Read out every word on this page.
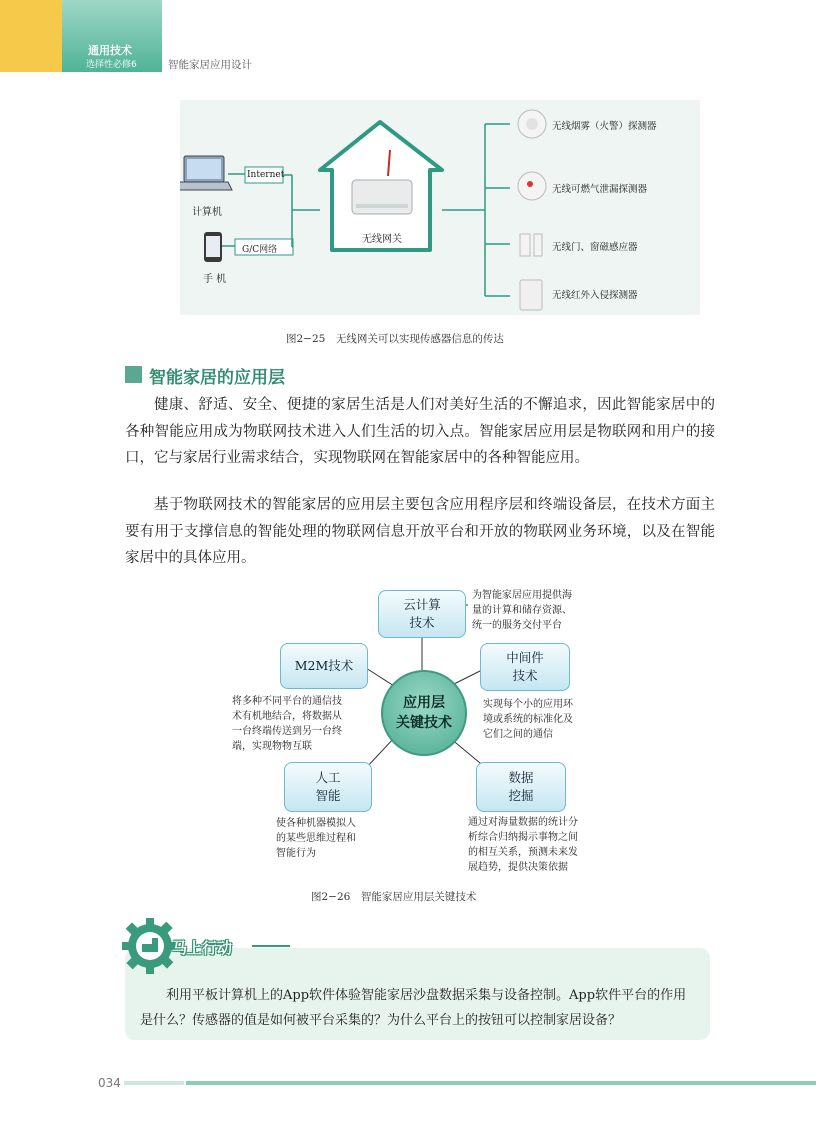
通用技术
选择性必修6	智能家居应用设计
Internet
G/C网络
计算机
手 机
无线网关
无线烟雾（火警）探测器
无线可燃气泄漏探测器
无线门、窗磁感应器
无线红外入侵探测器
图2−25　无线网关可以实现传感器信息的传达
智能家居的应用层
健康、舒适、安全、便捷的家居生活是人们对美好生活的不懈追求，因此智能家居中的各种智能应用成为物联网技术进入人们生活的切入点。智能家居应用层是物联网和用户的接口，它与家居行业需求结合，实现物联网在智能家居中的各种智能应用。
基于物联网技术的智能家居的应用层主要包含应用程序层和终端设备层，在技术方面主要有用于支撑信息的智能处理的物联网信息开放平台和开放的物联网业务环境，以及在智能家居中的具体应用。
云计算
技术
为智能家居应用提供海
量的计算和储存资源、
统一的服务交付平台
M2M技术
将多种不同平台的通信技
术有机地结合，将数据从
一台终端传送到另一台终
端，实现物物互联
中间件
技术
实现每个小的应用环
境或系统的标准化及
它们之间的通信
应用层
关键技术
人工
智能
使各种机器模拟人
的某些思维过程和
智能行为
数据
挖掘
通过对海量数据的统计分
析综合归纳揭示事物之间
的相互关系，预测未来发
展趋势，提供决策依据
图2−26　智能家居应用层关键技术
马上行动
利用平板计算机上的App软件体验智能家居沙盘数据采集与设备控制。App软件平台的作用是什么？传感器的值是如何被平台采集的？为什么平台上的按钮可以控制家居设备？
034
